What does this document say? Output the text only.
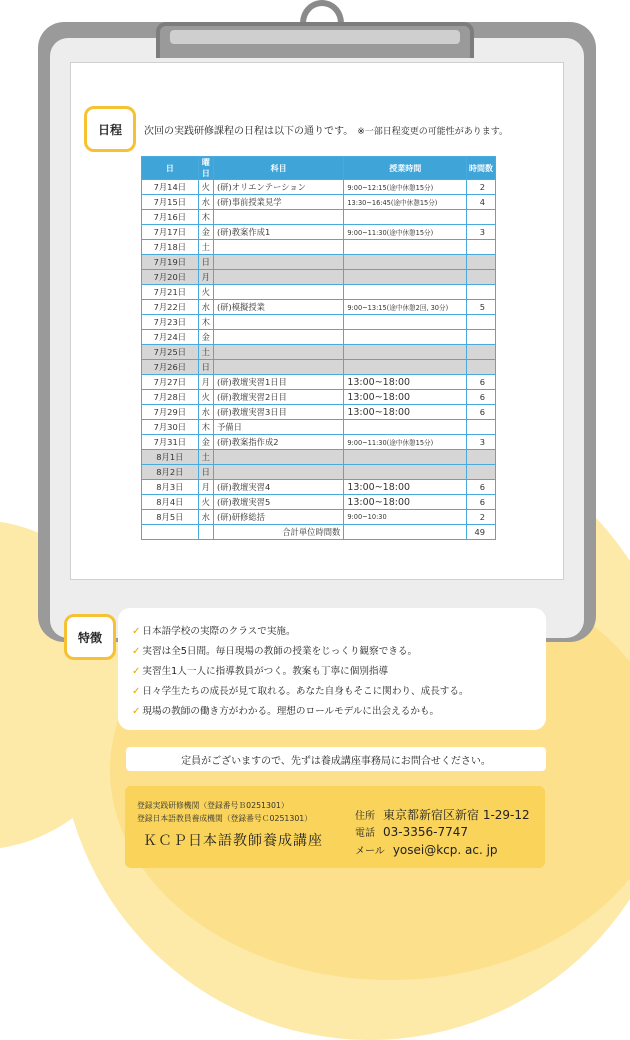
日程	次回の実践研修課程の日程は以下の通りです。 ※一部日程変更の可能性があります。
日	曜日	科目	授業時間	時間数
7月14日	火	(研)オリエンテーション	9:00~12:15(途中休憩15分)	2
7月15日	水	(研)事前授業見学	13:30~16:45(途中休憩15分)	4
7月16日	木			
7月17日	金	(研)教案作成1	9:00~11:30(途中休憩15分)	3
7月18日	土			
7月19日	日			
7月20日	月			
7月21日	火			
7月22日	水	(研)模擬授業	9:00~13:15(途中休憩2回, 30分)	5
7月23日	木			
7月24日	金			
7月25日	土			
7月26日	日			
7月27日	月	(研)教壇実習1日目	13:00~18:00	6
7月28日	火	(研)教壇実習2日目	13:00~18:00	6
7月29日	水	(研)教壇実習3日目	13:00~18:00	6
7月30日	木	予備日		
7月31日	金	(研)教案指作成2	9:00~11:30(途中休憩15分)	3
8月1日	土			
8月2日	日			
8月3日	月	(研)教壇実習4	13:00~18:00	6
8月4日	火	(研)教壇実習5	13:00~18:00	6
8月5日	水	(研)研修総括	9:00~10:30	2
		合計単位時間数		49
特徴	✓ 日本語学校の実際のクラスで実施。
✓ 実習は全5日間。毎日現場の教師の授業をじっくり観察できる。
✓ 実習生1人一人に指導教員がつく。教案も丁寧に個別指導
✓ 日々学生たちの成長が見て取れる。あなた自身もそこに関わり、成長する。
✓ 現場の教師の働き方がわかる。理想のロールモデルに出会えるかも。
定員がございますので、先ずは養成講座事務局にお問合せください。
登録実践研修機関（登録番号Ｂ0251301）
登録日本語教員養成機関（登録番号Ｃ0251301）
ＫＣＰ日本語教師養成講座
住所 東京都新宿区新宿 1-29-12
電話 03-3356-7747
メール yosei@kcp. ac. jp
